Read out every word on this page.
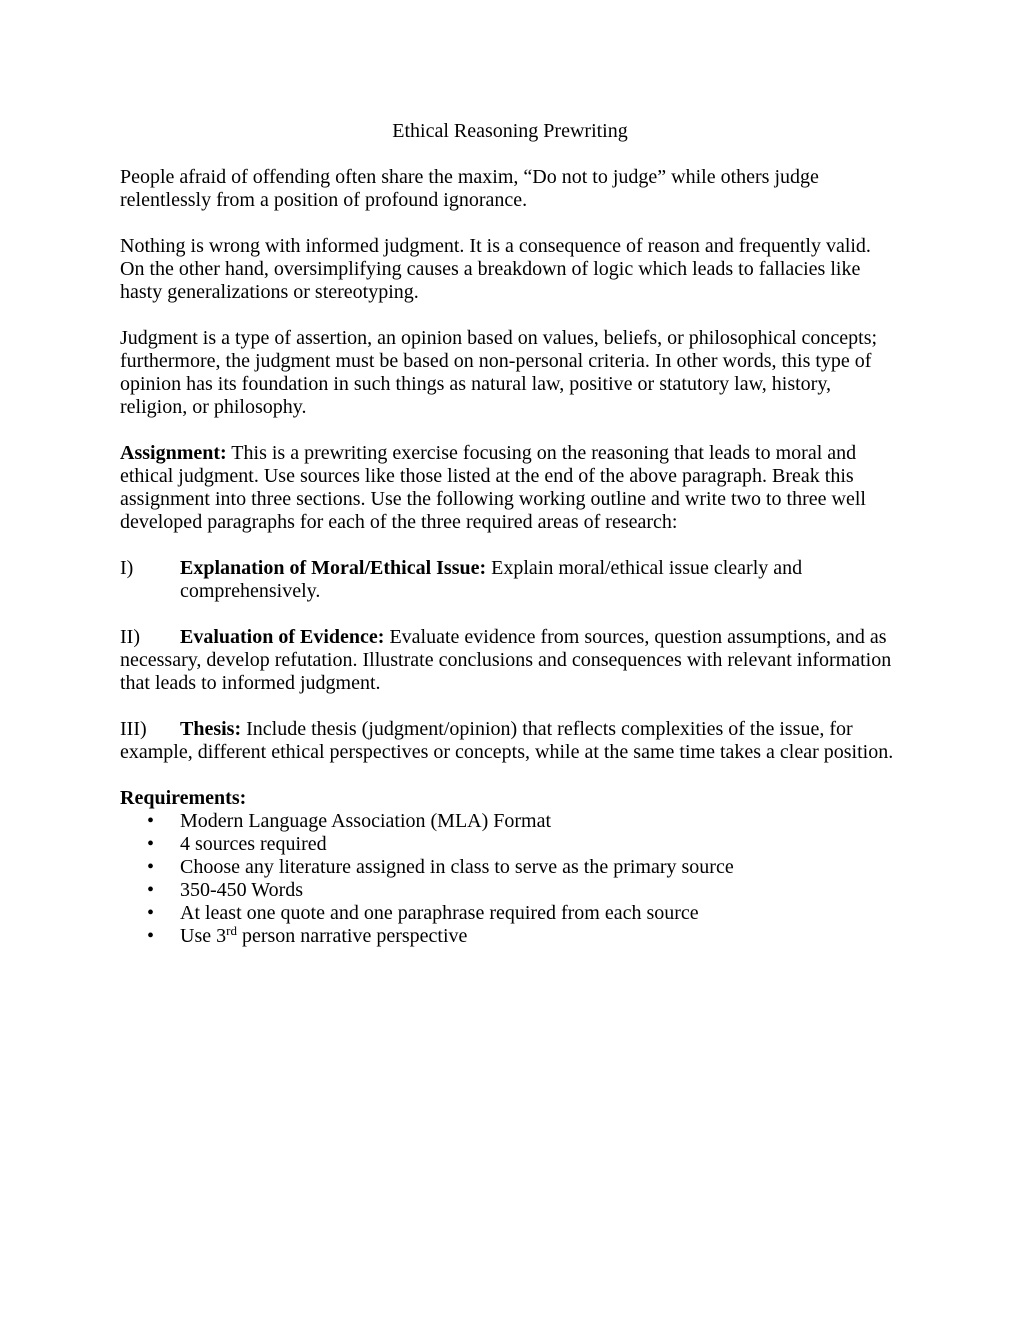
Ethical Reasoning Prewriting

People afraid of offending often share the maxim, “Do not to judge” while others judge relentlessly from a position of profound ignorance.

Nothing is wrong with informed judgment. It is a consequence of reason and frequently valid. On the other hand, oversimplifying causes a breakdown of logic which leads to fallacies like hasty generalizations or stereotyping.

Judgment is a type of assertion, an opinion based on values, beliefs, or philosophical concepts; furthermore, the judgment must be based on non-personal criteria. In other words, this type of opinion has its foundation in such things as natural law, positive or statutory law, history, religion, or philosophy.

Assignment: This is a prewriting exercise focusing on the reasoning that leads to moral and ethical judgment. Use sources like those listed at the end of the above paragraph. Break this assignment into three sections. Use the following working outline and write two to three well developed paragraphs for each of the three required areas of research:

I) Explanation of Moral/Ethical Issue: Explain moral/ethical issue clearly and comprehensively.

II) Evaluation of Evidence: Evaluate evidence from sources, question assumptions, and as necessary, develop refutation. Illustrate conclusions and consequences with relevant information that leads to informed judgment.

III) Thesis: Include thesis (judgment/opinion) that reflects complexities of the issue, for example, different ethical perspectives or concepts, while at the same time takes a clear position.

Requirements:

• Modern Language Association (MLA) Format
• 4 sources required
• Choose any literature assigned in class to serve as the primary source
• 350-450 Words
• At least one quote and one paraphrase required from each source
• Use 3rd person narrative perspective
